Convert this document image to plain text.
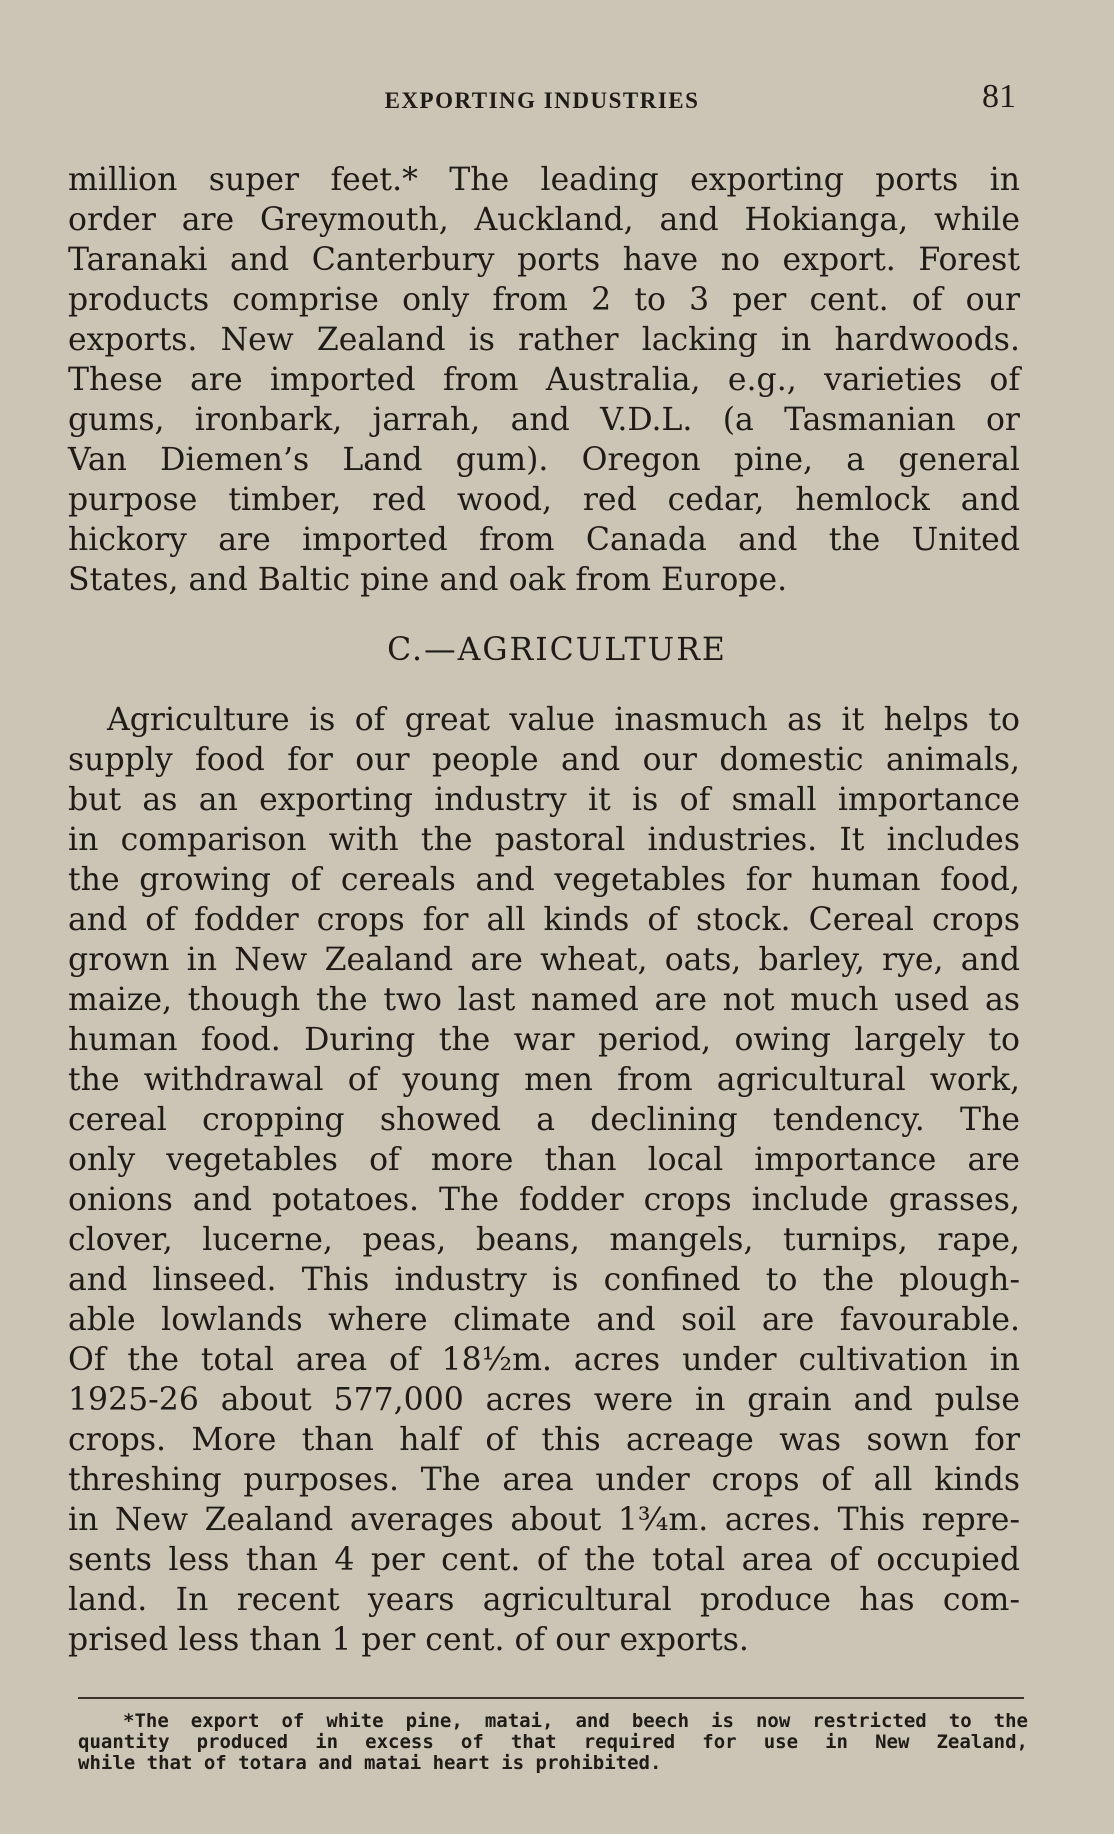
EXPORTING INDUSTRIES	81
million super feet.* The leading exporting ports in
order are Greymouth, Auckland, and Hokianga, while
Taranaki and Canterbury ports have no export. Forest
products comprise only from 2 to 3 per cent. of our
exports. New Zealand is rather lacking in hardwoods.
These are imported from Australia, e.g., varieties of
gums, ironbark, jarrah, and V.D.L. (a Tasmanian or
Van Diemen’s Land gum). Oregon pine, a general
purpose timber, red wood, red cedar, hemlock and
hickory are imported from Canada and the United
States, and Baltic pine and oak from Europe.
C.—AGRICULTURE
Agriculture is of great value inasmuch as it helps to
supply food for our people and our domestic animals,
but as an exporting industry it is of small importance
in comparison with the pastoral industries. It includes
the growing of cereals and vegetables for human food,
and of fodder crops for all kinds of stock. Cereal crops
grown in New Zealand are wheat, oats, barley, rye, and
maize, though the two last named are not much used as
human food. During the war period, owing largely to
the withdrawal of young men from agricultural work,
cereal cropping showed a declining tendency. The
only vegetables of more than local importance are
onions and potatoes. The fodder crops include grasses,
clover, lucerne, peas, beans, mangels, turnips, rape,
and linseed. This industry is confined to the plough-
able lowlands where climate and soil are favourable.
Of the total area of 18½m. acres under cultivation in
1925-26 about 577,000 acres were in grain and pulse
crops. More than half of this acreage was sown for
threshing purposes. The area under crops of all kinds
in New Zealand averages about 1¾m. acres. This repre-
sents less than 4 per cent. of the total area of occupied
land. In recent years agricultural produce has com-
prised less than 1 per cent. of our exports.
*The export of white pine, matai, and beech is now restricted to the
quantity produced in excess of that required for use in New Zealand,
while that of totara and matai heart is prohibited.
